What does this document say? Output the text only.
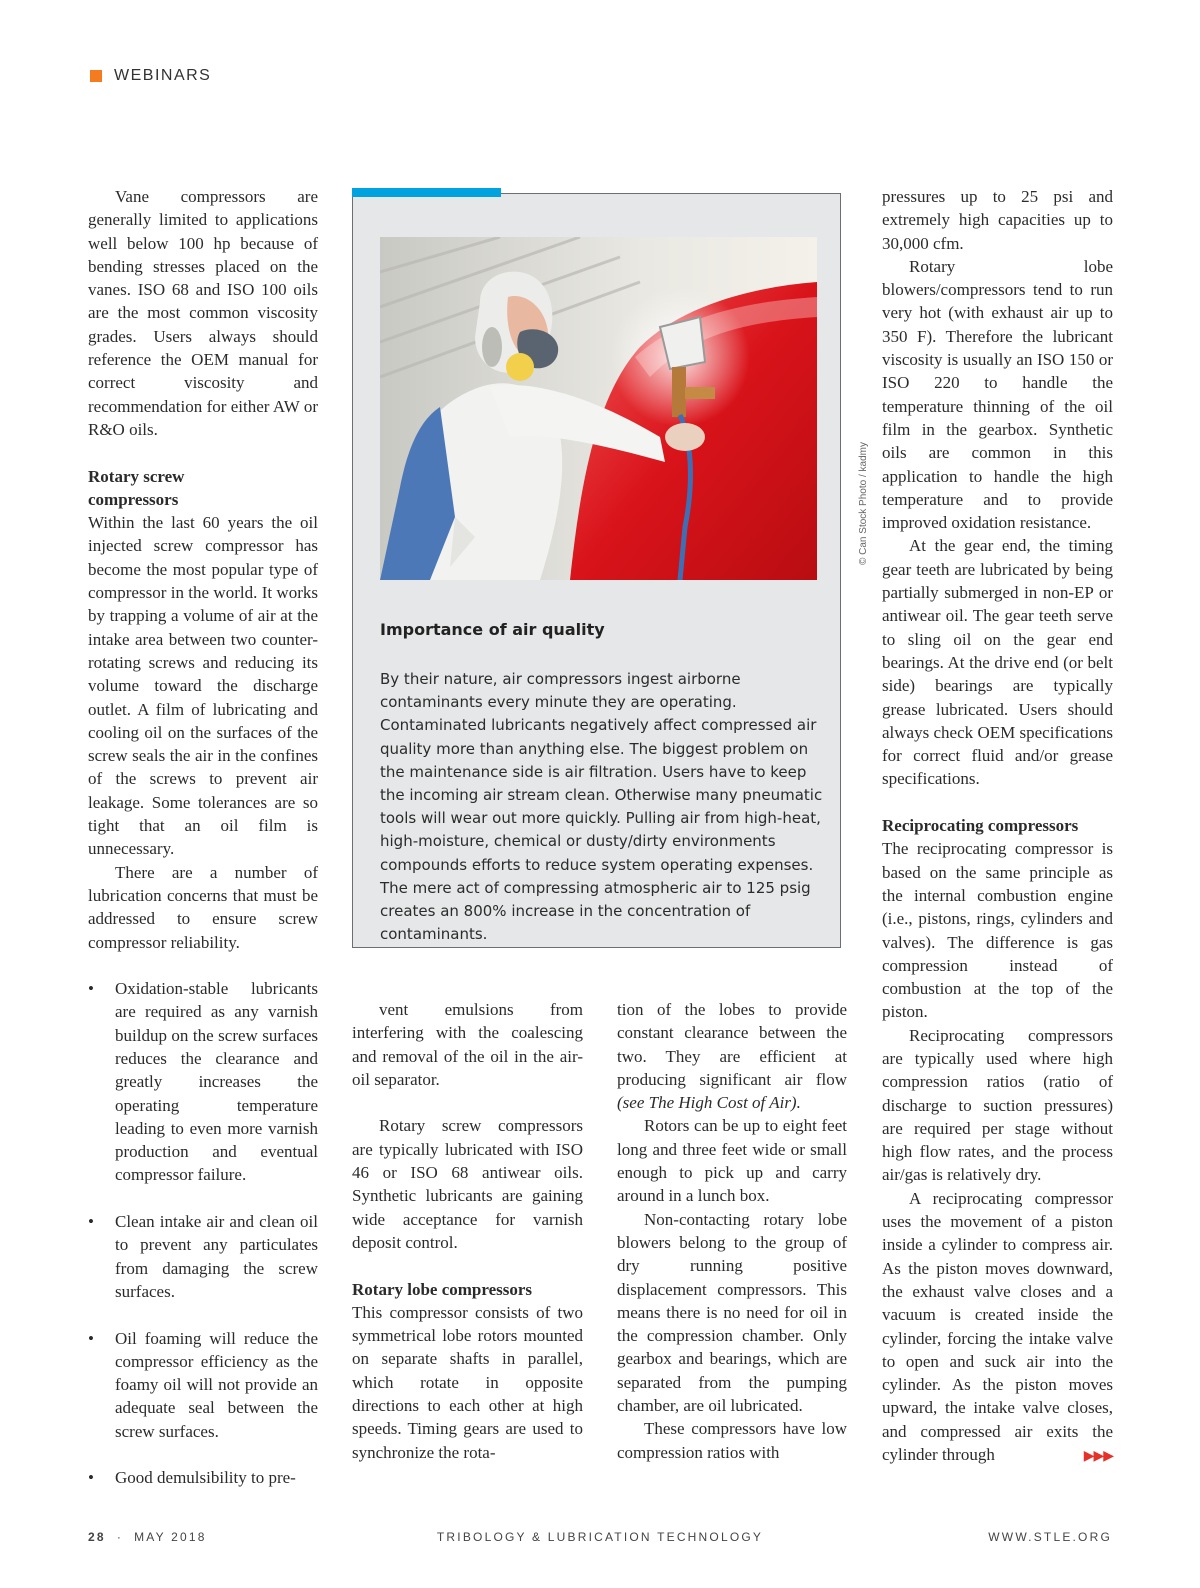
WEBINARS

Vane compressors are generally limited to applications well below 100 hp because of bending stresses placed on the vanes. ISO 68 and ISO 100 oils are the most common viscosity grades. Users always should reference the OEM manual for correct viscosity and recommendation for either AW or R&O oils.

Rotary screw
compressors

Within the last 60 years the oil injected screw compressor has become the most popular type of compressor in the world. It works by trapping a volume of air at the intake area between two counter-rotating screws and reducing its volume toward the discharge outlet. A film of lubricating and cooling oil on the surfaces of the screw seals the air in the confines of the screws to prevent air leakage. Some tolerances are so tight that an oil film is unnecessary.

There are a number of lubrication concerns that must be addressed to ensure screw compressor reliability.

• Oxidation-stable lubricants are required as any varnish buildup on the screw surfaces reduces the clearance and greatly increases the operating temperature leading to even more varnish production and eventual compressor failure.
• Clean intake air and clean oil to prevent any particulates from damaging the screw surfaces.
• Oil foaming will reduce the compressor efficiency as the foamy oil will not provide an adequate seal between the screw surfaces.
• Good demulsibility to pre-
© Can Stock Photo / kadmy
Importance of air quality

By their nature, air compressors ingest airborne contaminants every minute they are operating. Contaminated lubricants negatively affect compressed air quality more than anything else. The biggest problem on the maintenance side is air filtration. Users have to keep the incoming air stream clean. Otherwise many pneumatic tools will wear out more quickly. Pulling air from high-heat, high-moisture, chemical or dusty/dirty environments compounds efforts to reduce system operating expenses. The mere act of compressing atmospheric air to 125 psig creates an 800% increase in the concentration of contaminants.

vent emulsions from interfering with the coalescing and removal of the oil in the air-oil separator.

Rotary screw compressors are typically lubricated with ISO 46 or ISO 68 antiwear oils. Synthetic lubricants are gaining wide acceptance for varnish deposit control.

Rotary lobe compressors

This compressor consists of two symmetrical lobe rotors mounted on separate shafts in parallel, which rotate in opposite directions to each other at high speeds. Timing gears are used to synchronize the rota-

tion of the lobes to provide constant clearance between the two. They are efficient at producing significant air flow (see The High Cost of Air).

Rotors can be up to eight feet long and three feet wide or small enough to pick up and carry around in a lunch box.

Non-contacting rotary lobe blowers belong to the group of dry running positive displacement compressors. This means there is no need for oil in the compression chamber. Only gearbox and bearings, which are separated from the pumping chamber, are oil lubricated.

These compressors have low compression ratios with

pressures up to 25 psi and extremely high capacities up to 30,000 cfm.

Rotary lobe blowers/compressors tend to run very hot (with exhaust air up to 350 F). Therefore the lubricant viscosity is usually an ISO 150 or ISO 220 to handle the temperature thinning of the oil film in the gearbox. Synthetic oils are common in this application to handle the high temperature and to provide improved oxidation resistance.

At the gear end, the timing gear teeth are lubricated by being partially submerged in non-EP or antiwear oil. The gear teeth serve to sling oil on the gear end bearings. At the drive end (or belt side) bearings are typically grease lubricated. Users should always check OEM specifications for correct fluid and/or grease specifications.

Reciprocating compressors

The reciprocating compressor is based on the same principle as the internal combustion engine (i.e., pistons, rings, cylinders and valves). The difference is gas compression instead of combustion at the top of the piston.

Reciprocating compressors are typically used where high compression ratios (ratio of discharge to suction pressures) are required per stage without high flow rates, and the process air/gas is relatively dry.

A reciprocating compressor uses the movement of a piston inside a cylinder to compress air. As the piston moves downward, the exhaust valve closes and a vacuum is created inside the cylinder, forcing the intake valve to open and suck air into the cylinder. As the piston moves upward, the intake valve closes, and compressed air exits the cylinder through	▶▶▶

28 · MAY 2018	TRIBOLOGY & LUBRICATION TECHNOLOGY	WWW.STLE.ORG
